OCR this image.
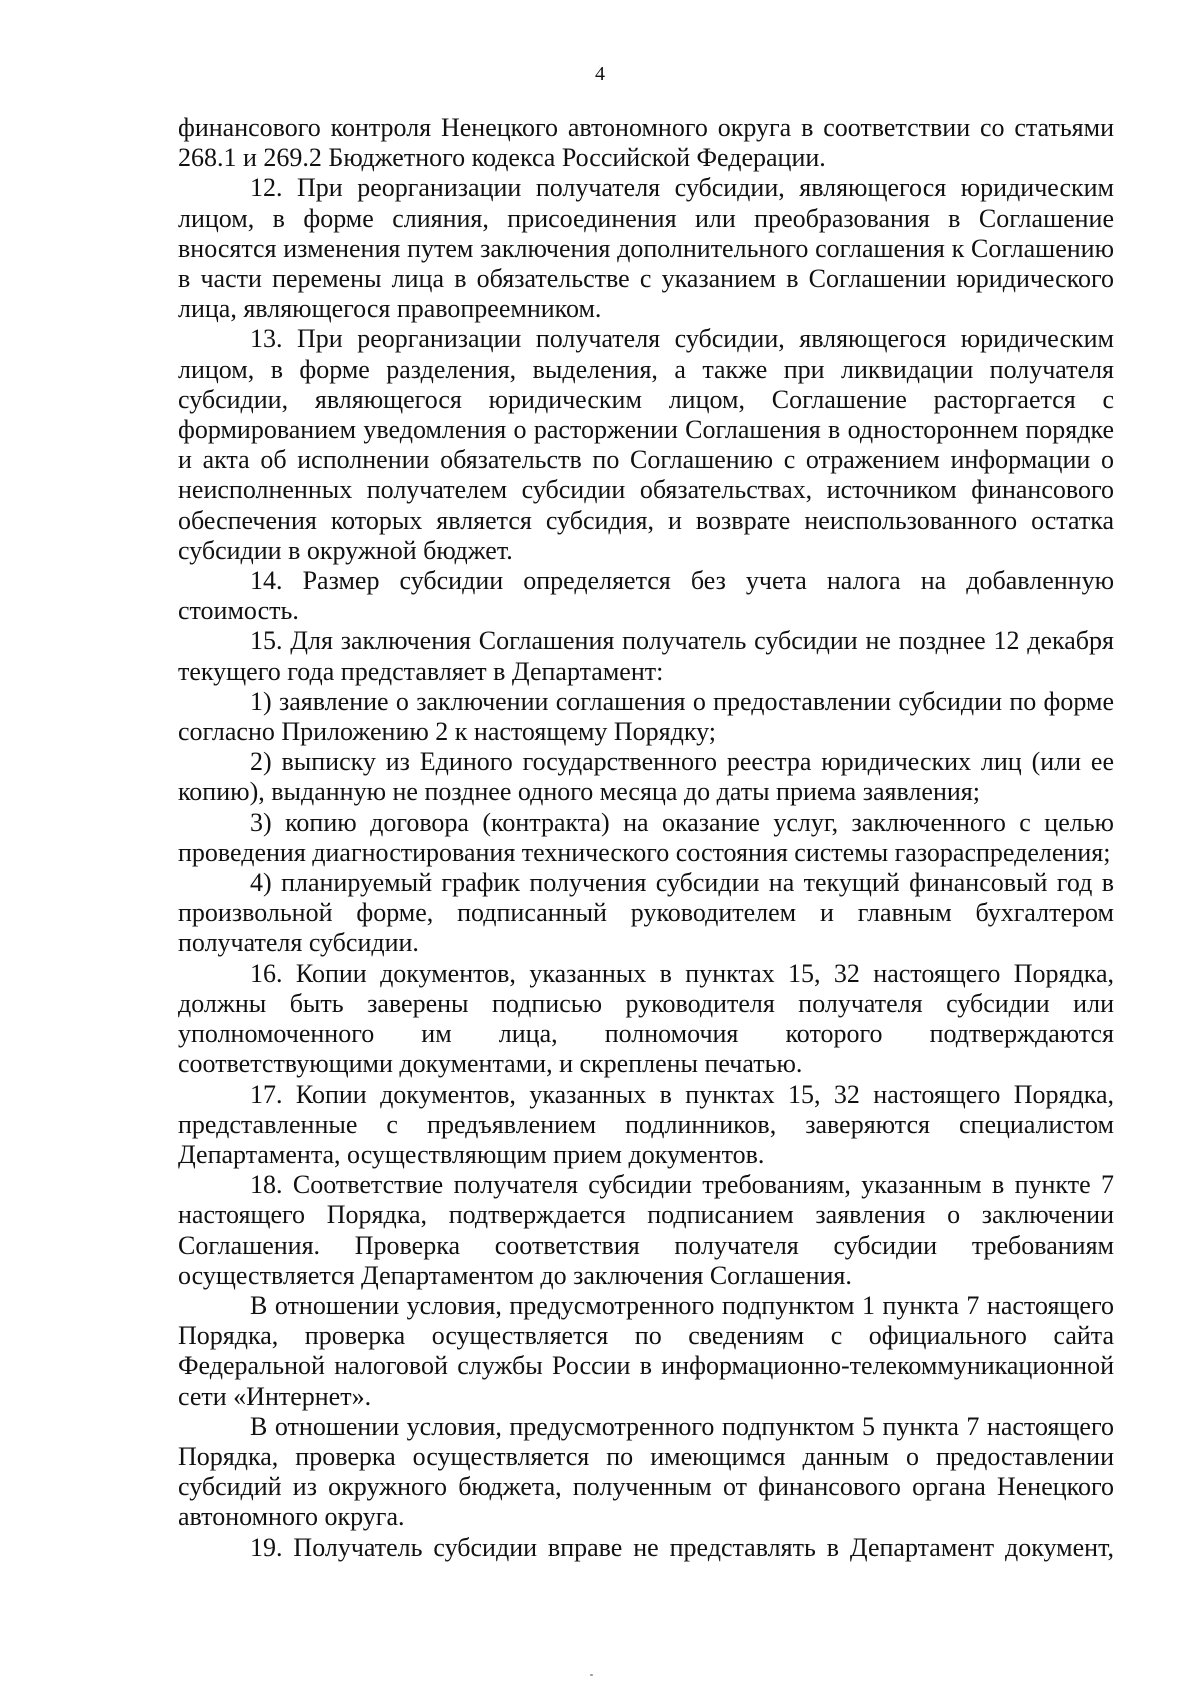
4

финансового контроля Ненецкого автономного округа в соответствии со статьями 268.1 и 269.2 Бюджетного кодекса Российской Федерации.

12. При реорганизации получателя субсидии, являющегося юридическим лицом, в форме слияния, присоединения или преобразования в Соглашение вносятся изменения путем заключения дополнительного соглашения к Соглашению в части перемены лица в обязательстве с указанием в Соглашении юридического лица, являющегося правопреемником.

13. При реорганизации получателя субсидии, являющегося юридическим лицом, в форме разделения, выделения, а также при ликвидации получателя субсидии, являющегося юридическим лицом, Соглашение расторгается с формированием уведомления о расторжении Соглашения в одностороннем порядке и акта об исполнении обязательств по Соглашению с отражением информации о неисполненных получателем субсидии обязательствах, источником финансового обеспечения которых является субсидия, и возврате неиспользованного остатка субсидии в окружной бюджет.

14. Размер субсидии определяется без учета налога на добавленную стоимость.

15. Для заключения Соглашения получатель субсидии не позднее 12 декабря текущего года представляет в Департамент:

1) заявление о заключении соглашения о предоставлении субсидии по форме согласно Приложению 2 к настоящему Порядку;

2) выписку из Единого государственного реестра юридических лиц (или ее копию), выданную не позднее одного месяца до даты приема заявления;

3) копию договора (контракта) на оказание услуг, заключенного с целью проведения диагностирования технического состояния системы газораспределения;

4) планируемый график получения субсидии на текущий финансовый год в произвольной форме, подписанный руководителем и главным бухгалтером получателя субсидии.

16. Копии документов, указанных в пунктах 15, 32 настоящего Порядка, должны быть заверены подписью руководителя получателя субсидии или уполномоченного им лица, полномочия которого подтверждаются соответствующими документами, и скреплены печатью.

17. Копии документов, указанных в пунктах 15, 32 настоящего Порядка, представленные с предъявлением подлинников, заверяются специалистом Департамента, осуществляющим прием документов.

18. Соответствие получателя субсидии требованиям, указанным в пункте 7 настоящего Порядка, подтверждается подписанием заявления о заключении Соглашения. Проверка соответствия получателя субсидии требованиям осуществляется Департаментом до заключения Соглашения.

В отношении условия, предусмотренного подпунктом 1 пункта 7 настоящего Порядка, проверка осуществляется по сведениям с официального сайта Федеральной налоговой службы России в информационно-телекоммуникационной сети «Интернет».

В отношении условия, предусмотренного подпунктом 5 пункта 7 настоящего Порядка, проверка осуществляется по имеющимся данным о предоставлении субсидий из окружного бюджета, полученным от финансового органа Ненецкого автономного округа.

19. Получатель субсидии вправе не представлять в Департамент документ,
